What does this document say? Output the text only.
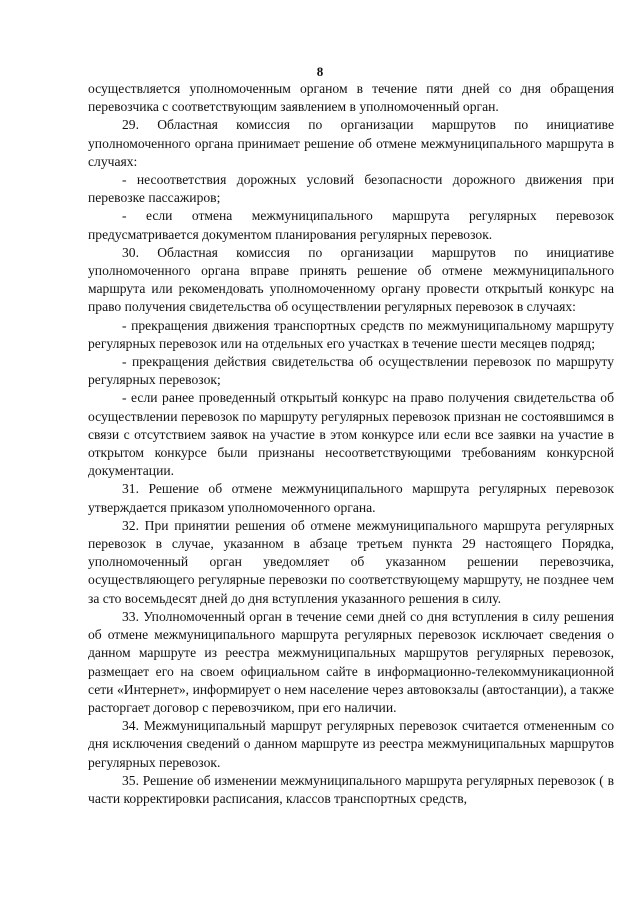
8

осуществляется уполномоченным органом в течение пяти дней со дня обращения перевозчика с соответствующим заявлением в уполномоченный орган.

29. Областная комиссия по организации маршрутов по инициативе уполномоченного органа принимает решение об отмене межмуниципального маршрута в случаях:

- несоответствия дорожных условий безопасности дорожного движения при перевозке пассажиров;

- если отмена межмуниципального маршрута регулярных перевозок предусматривается документом планирования регулярных перевозок.

30. Областная комиссия по организации маршрутов по инициативе уполномоченного органа вправе принять решение об отмене межмуниципального маршрута или рекомендовать уполномоченному органу провести открытый конкурс на право получения свидетельства об осуществлении регулярных перевозок в случаях:

- прекращения движения транспортных средств по межмуниципальному маршруту регулярных перевозок или на отдельных его участках в течение шести месяцев подряд;

- прекращения действия свидетельства об осуществлении перевозок по маршруту регулярных перевозок;

- если ранее проведенный открытый конкурс на право получения свидетельства об осуществлении перевозок по маршруту регулярных перевозок признан не состоявшимся в связи с отсутствием заявок на участие в этом конкурсе или если все заявки на участие в открытом конкурсе были признаны несоответствующими требованиям конкурсной документации.

31. Решение об отмене межмуниципального маршрута регулярных перевозок утверждается приказом уполномоченного органа.

32. При принятии решения об отмене межмуниципального маршрута регулярных перевозок в случае, указанном в абзаце третьем пункта 29 настоящего Порядка, уполномоченный орган уведомляет об указанном решении перевозчика, осуществляющего регулярные перевозки по соответствующему маршруту, не позднее чем за сто восемьдесят дней до дня вступления указанного решения в силу.

33. Уполномоченный орган в течение семи дней со дня вступления в силу решения об отмене межмуниципального маршрута регулярных перевозок исключает сведения о данном маршруте из реестра межмуниципальных маршрутов регулярных перевозок, размещает его на своем официальном сайте в информационно-телекоммуникационной сети «Интернет», информирует о нем население через автовокзалы (автостанции), а также расторгает договор с перевозчиком, при его наличии.

34. Межмуниципальный маршрут регулярных перевозок считается отмененным со дня исключения сведений о данном маршруте из реестра межмуниципальных маршрутов регулярных перевозок.

35. Решение об изменении межмуниципального маршрута регулярных перевозок ( в части корректировки расписания, классов транспортных средств,
